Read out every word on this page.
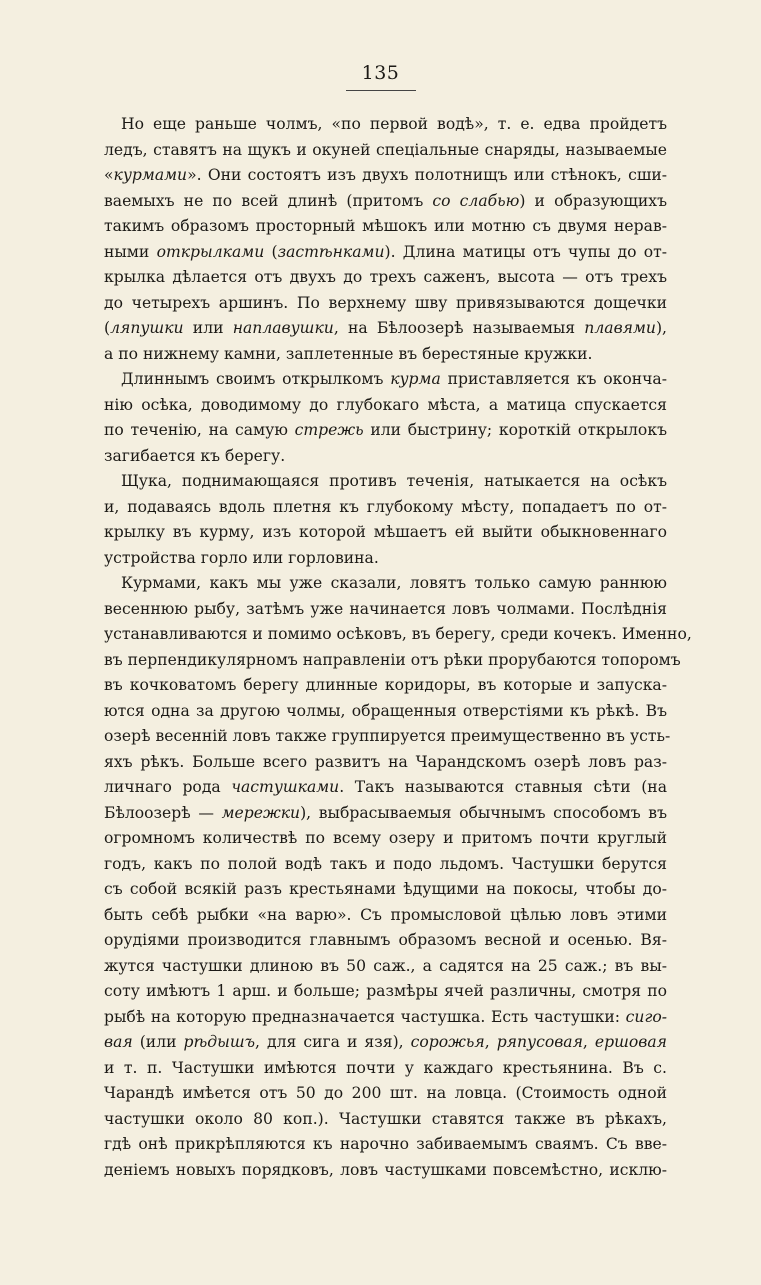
135
Но еще раньше чолмъ, «по первой водѣ», т. е. едва пройдетъ
ледъ, ставятъ на щукъ и окуней спеціальные снаряды, называемые
«курмами». Они состоятъ изъ двухъ полотнищъ или стѣнокъ, сши-
ваемыхъ не по всей длинѣ (притомъ со слабью) и образующихъ
такимъ образомъ просторный мѣшокъ или мотню съ двумя нерав-
ными открылками (застѣнками). Длина матицы отъ чупы до от-
крылка дѣлается отъ двухъ до трехъ саженъ, высота — отъ трехъ
до четырехъ аршинъ. По верхнему шву привязываются дощечки
(ляпушки или наплавушки, на Бѣлоозерѣ называемыя плавями),
а по нижнему камни, заплетенные въ берестяные кружки.
Длиннымъ своимъ открылкомъ курма приставляется къ оконча-
нію осѣка, доводимому до глубокаго мѣста, а матица спускается
по теченію, на самую стрежь или быстрину; короткій открылокъ
загибается къ берегу.
Щука, поднимающаяся противъ теченія, натыкается на осѣкъ
и, подаваясь вдоль плетня къ глубокому мѣсту, попадаетъ по от-
крылку въ курму, изъ которой мѣшаетъ ей выйти обыкновеннаго
устройства горло или горловина.
Курмами, какъ мы уже сказали, ловятъ только самую раннюю
весеннюю рыбу, затѣмъ уже начинается ловъ чолмами. Послѣднія
устанавливаются и помимо осѣковъ, въ берегу, среди кочекъ. Именно,
въ перпендикулярномъ направленіи отъ рѣки прорубаются топоромъ
въ кочковатомъ берегу длинные коридоры, въ которые и запуска-
ются одна за другою чолмы, обращенныя отверстіями къ рѣкѣ. Въ
озерѣ весенній ловъ также группируется преимущественно въ усть-
яхъ рѣкъ. Больше всего развитъ на Чарандскомъ озерѣ ловъ раз-
личнаго рода частушками. Такъ называются ставныя сѣти (на
Бѣлоозерѣ — мережки), выбрасываемыя обычнымъ способомъ въ
огромномъ количествѣ по всему озеру и притомъ почти круглый
годъ, какъ по полой водѣ такъ и подо льдомъ. Частушки берутся
съ собой всякій разъ крестьянами ѣдущими на покосы, чтобы до-
быть себѣ рыбки «на варю». Съ промысловой цѣлью ловъ этими
орудіями производится главнымъ образомъ весной и осенью. Вя-
жутся частушки длиною въ 50 саж., а садятся на 25 саж.; въ вы-
соту имѣютъ 1 арш. и больше; размѣры ячей различны, смотря по
рыбѣ на которую предназначается частушка. Есть частушки: сиго-
вая (или рѣдышъ, для сига и язя), сорожья, ряпусовая, ершовая
и т. п. Частушки имѣются почти у каждаго крестьянина. Въ с.
Чарандѣ имѣется отъ 50 до 200 шт. на ловца. (Стоимость одной
частушки около 80 коп.). Частушки ставятся также въ рѣкахъ,
гдѣ онѣ прикрѣпляются къ нарочно забиваемымъ сваямъ. Съ вве-
деніемъ новыхъ порядковъ, ловъ частушками повсемѣстно, исклю-
